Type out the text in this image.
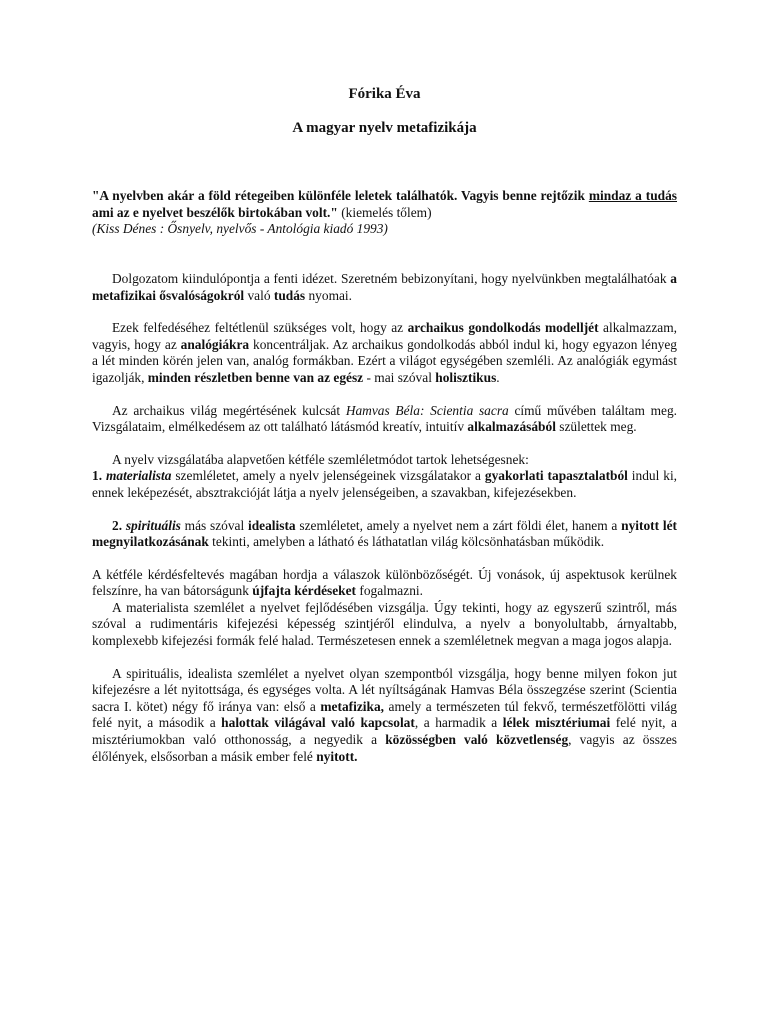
Fórika Éva
A magyar nyelv metafizikája

"A nyelvben akár a föld rétegeiben különféle leletek találhatók. Vagyis benne rejtőzik mindaz a tudás ami az e nyelvet beszélők birtokában volt." (kiemelés tőlem)
(Kiss Dénes : Ősnyelv, nyelvős - Antológia kiadó 1993)

Dolgozatom kiindulópontja a fenti idézet. Szeretném bebizonyítani, hogy nyelvünkben megtalálhatóak a metafizikai ősvalóságokról való tudás nyomai.

Ezek felfedéséhez feltétlenül szükséges volt, hogy az archaikus gondolkodás modelljét alkalmazzam, vagyis, hogy az analógiákra koncentráljak. Az archaikus gondolkodás abból indul ki, hogy egyazon lényeg a lét minden körén jelen van, analóg formákban. Ezért a világot egységében szemléli. Az analógiák egymást igazolják, minden részletben benne van az egész - mai szóval holisztikus.

Az archaikus világ megértésének kulcsát Hamvas Béla: Scientia sacra című művében találtam meg. Vizsgálataim, elmélkedésem az ott található látásmód kreatív, intuitív alkalmazásából születtek meg.

A nyelv vizsgálatába alapvetően kétféle szemléletmódot tartok lehetségesnek:
1. materialista szemléletet, amely a nyelv jelenségeinek vizsgálatakor a gyakorlati tapasztalatból indul ki, ennek leképezését, absztrakcióját látja a nyelv jelenségeiben, a szavakban, kifejezésekben.

2. spirituális más szóval idealista szemléletet, amely a nyelvet nem a zárt földi élet, hanem a nyitott lét megnyilatkozásának tekinti, amelyben a látható és láthatatlan világ kölcsönhatásban működik.

A kétféle kérdésfeltevés magában hordja a válaszok különbözőségét. Új vonások, új aspektusok kerülnek felszínre, ha van bátorságunk újfajta kérdéseket fogalmazni.

A materialista szemlélet a nyelvet fejlődésében vizsgálja. Úgy tekinti, hogy az egyszerű szintről, más szóval a rudimentáris kifejezési képesség szintjéről elindulva, a nyelv a bonyolultabb, árnyaltabb, komplexebb kifejezési formák felé halad. Természetesen ennek a szemléletnek megvan a maga jogos alapja.

A spirituális, idealista szemlélet a nyelvet olyan szempontból vizsgálja, hogy benne milyen fokon jut kifejezésre a lét nyitottsága, és egységes volta. A lét nyíltságának Hamvas Béla összegzése szerint (Scientia sacra I. kötet) négy fő iránya van: első a metafizika, amely a természeten túl fekvő, természetfölötti világ felé nyit, a második a halottak világával való kapcsolat, a harmadik a lélek misztériumai felé nyit, a misztériumokban való otthonosság, a negyedik a közösségben való közvetlenség, vagyis az összes élőlények, elsősorban a másik ember felé nyitott.
